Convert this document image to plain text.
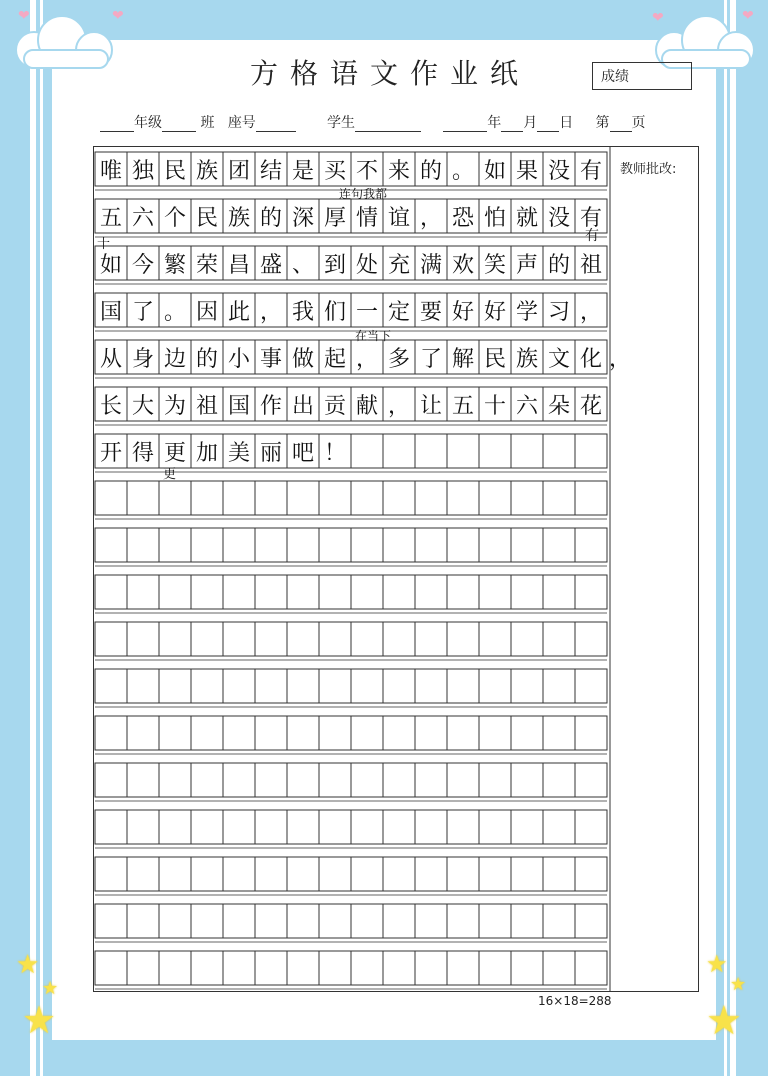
❤	❤	❤	❤
方格语文作业纸	成绩
年级	班 座号	学生	年 月 日 第 页
教师批改:
唯 独 民 族 团 结 是 买 不 来 的 。 如 果 没 有
五 六 个 民 族 的 深 厚 情 谊 ， 恐 怕 就 没 有
如 今 繁 荣 昌 盛 、 到 处 充 满 欢 笑 声 的 祖
国 了 。 因 此 ， 我 们 一 定 要 好 好 学 习 ，
从 身 边 的 小 事 做 起 ， 多 了 解 民 族 文 化 ，
长 大 为 祖 国 作 出 贡 献 ， 让 五 十 六 朵 花
开 得 更 加 美 丽 吧 ！
连句我都
十
有
在当下
更
16×18=288
★
★
★
★
★
★
